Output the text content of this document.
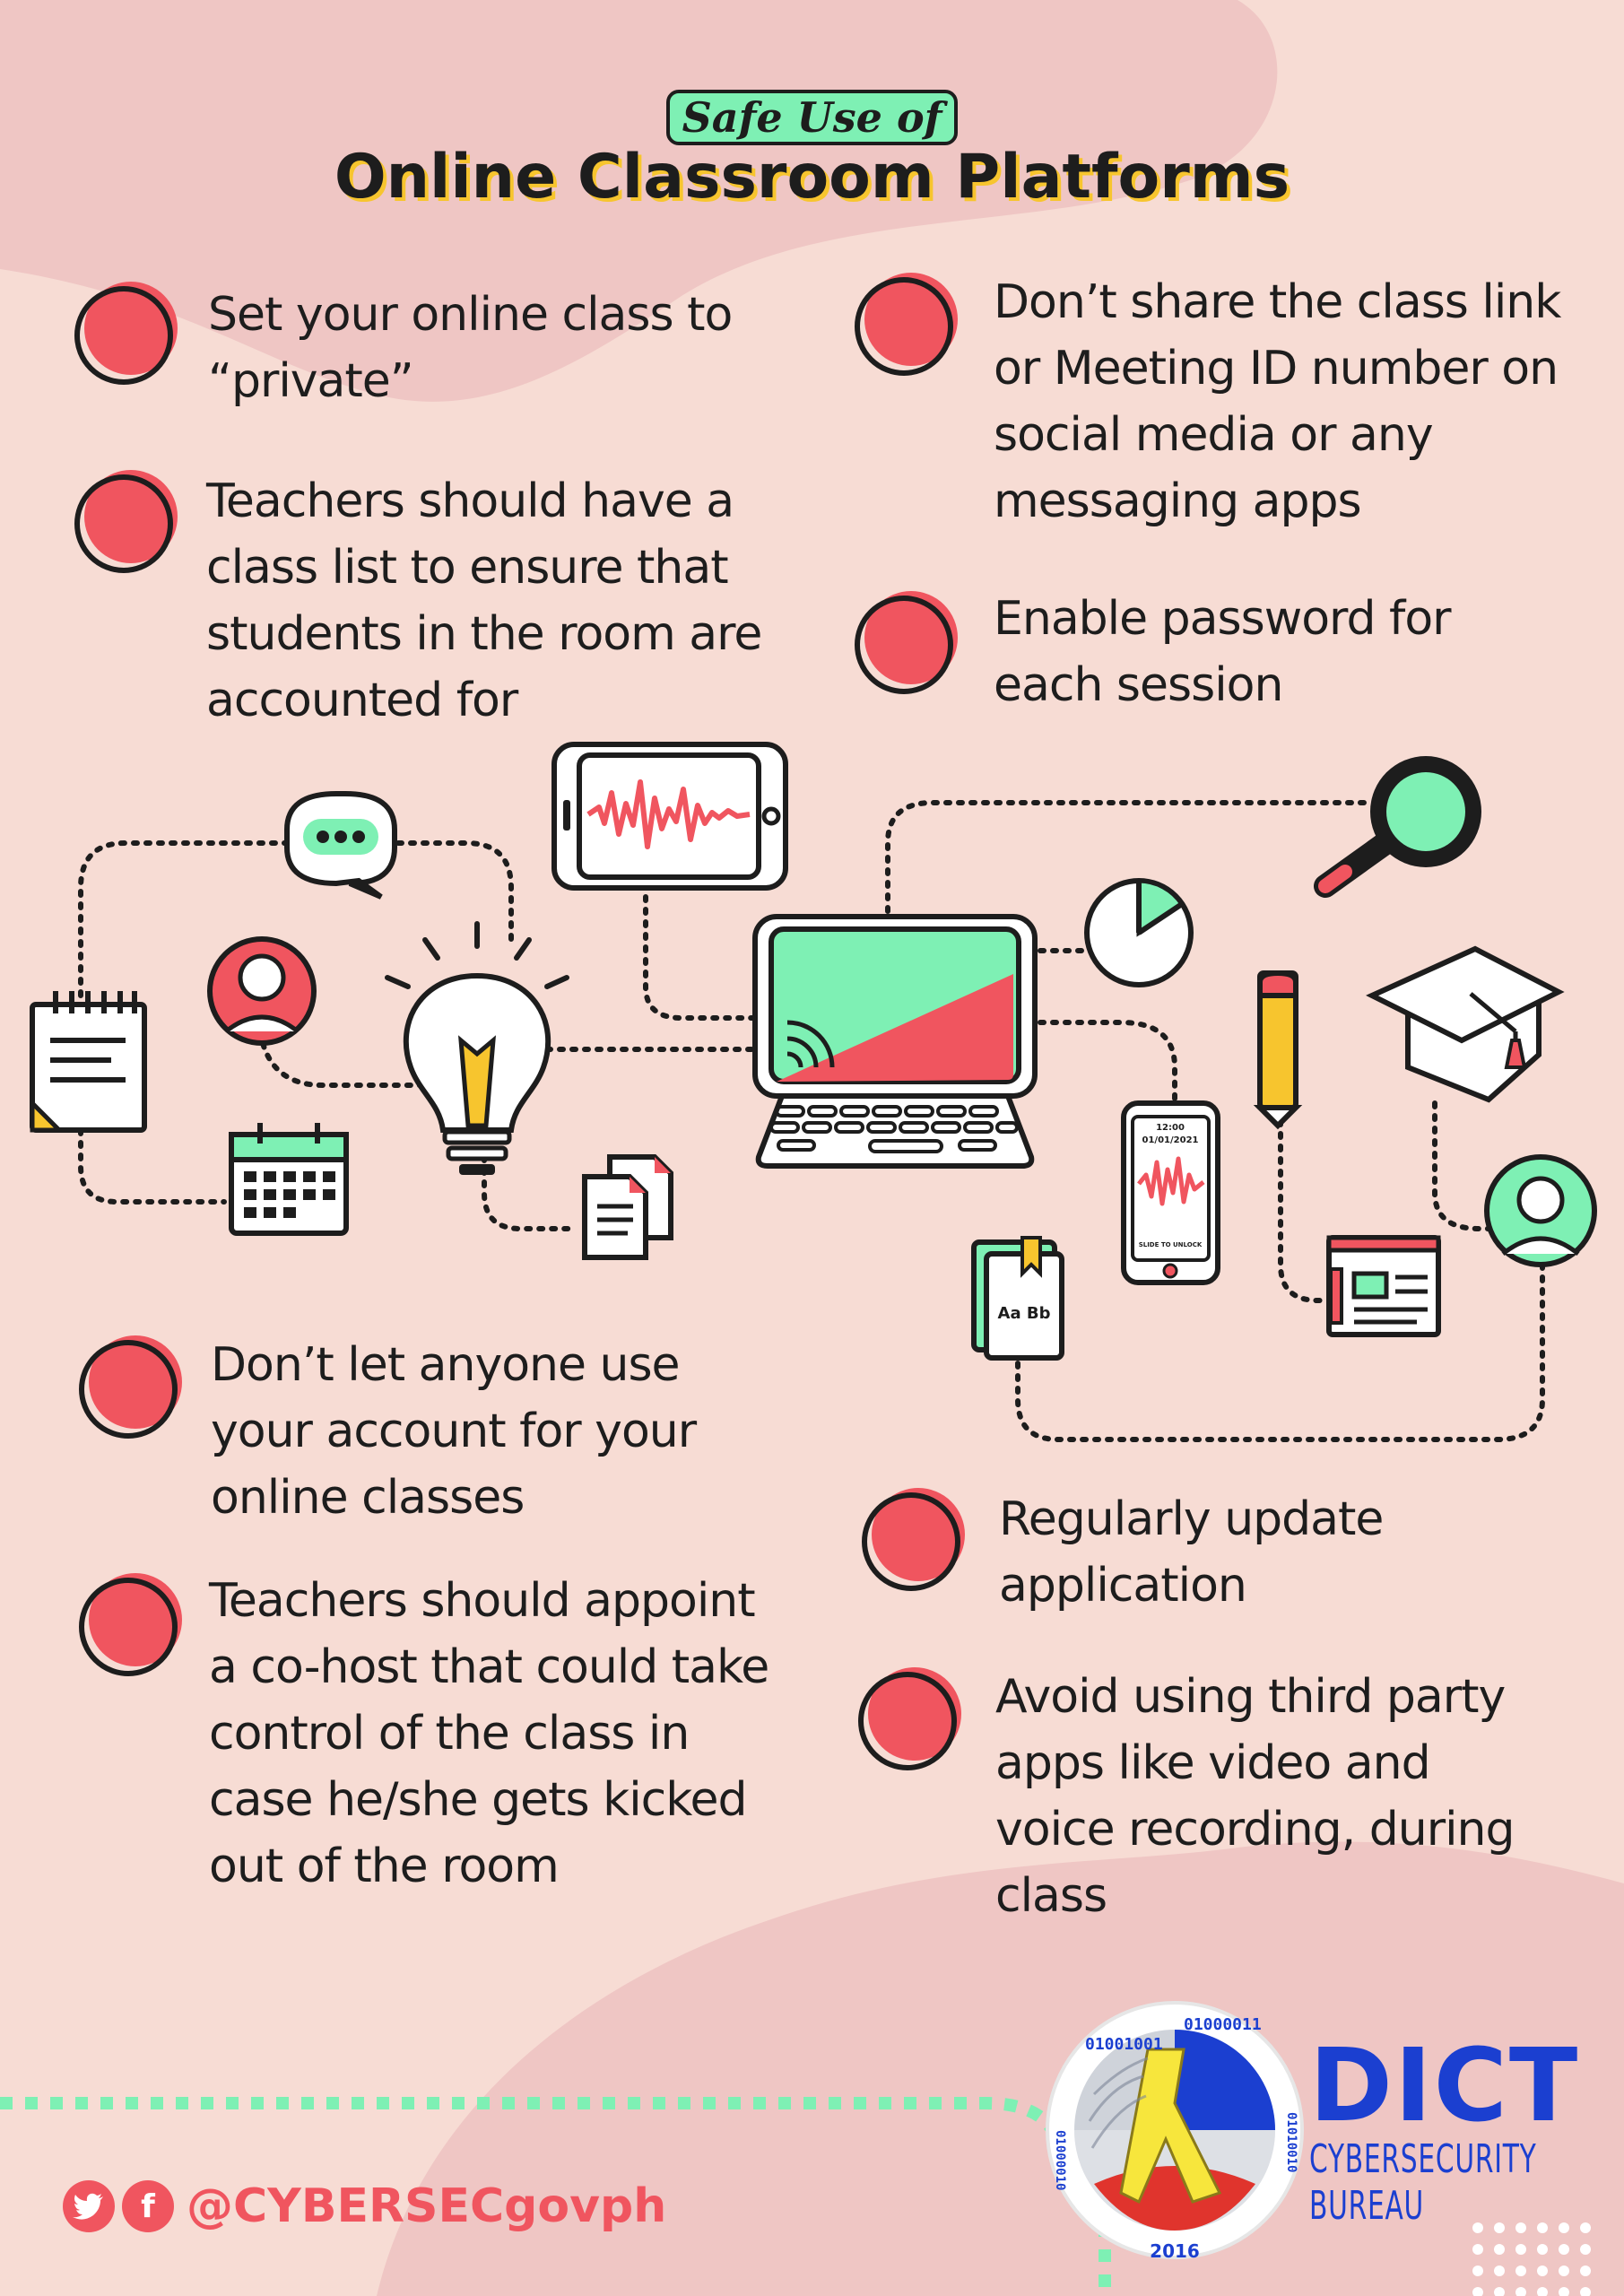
Safe Use of
Online Classroom Platforms
Set your online class to “private”
Teachers should have a class list to ensure that students in the room are accounted for
Don’t share the class link or Meeting ID number on social media or any messaging apps
Enable password for each session
12:00
01/01/2021
SLIDE TO UNLOCK
Aa Bb
Don’t let anyone use your account for your online classes
Teachers should appoint a co-host that could take control of the class in case he/she gets kicked out of the room
Regularly update application
Avoid using third party apps like video and voice recording, during class
f @CYBERSECgovph
01001001
01000011
2016
01010010
01000010
DICT
CYBERSECURITY
BUREAU
